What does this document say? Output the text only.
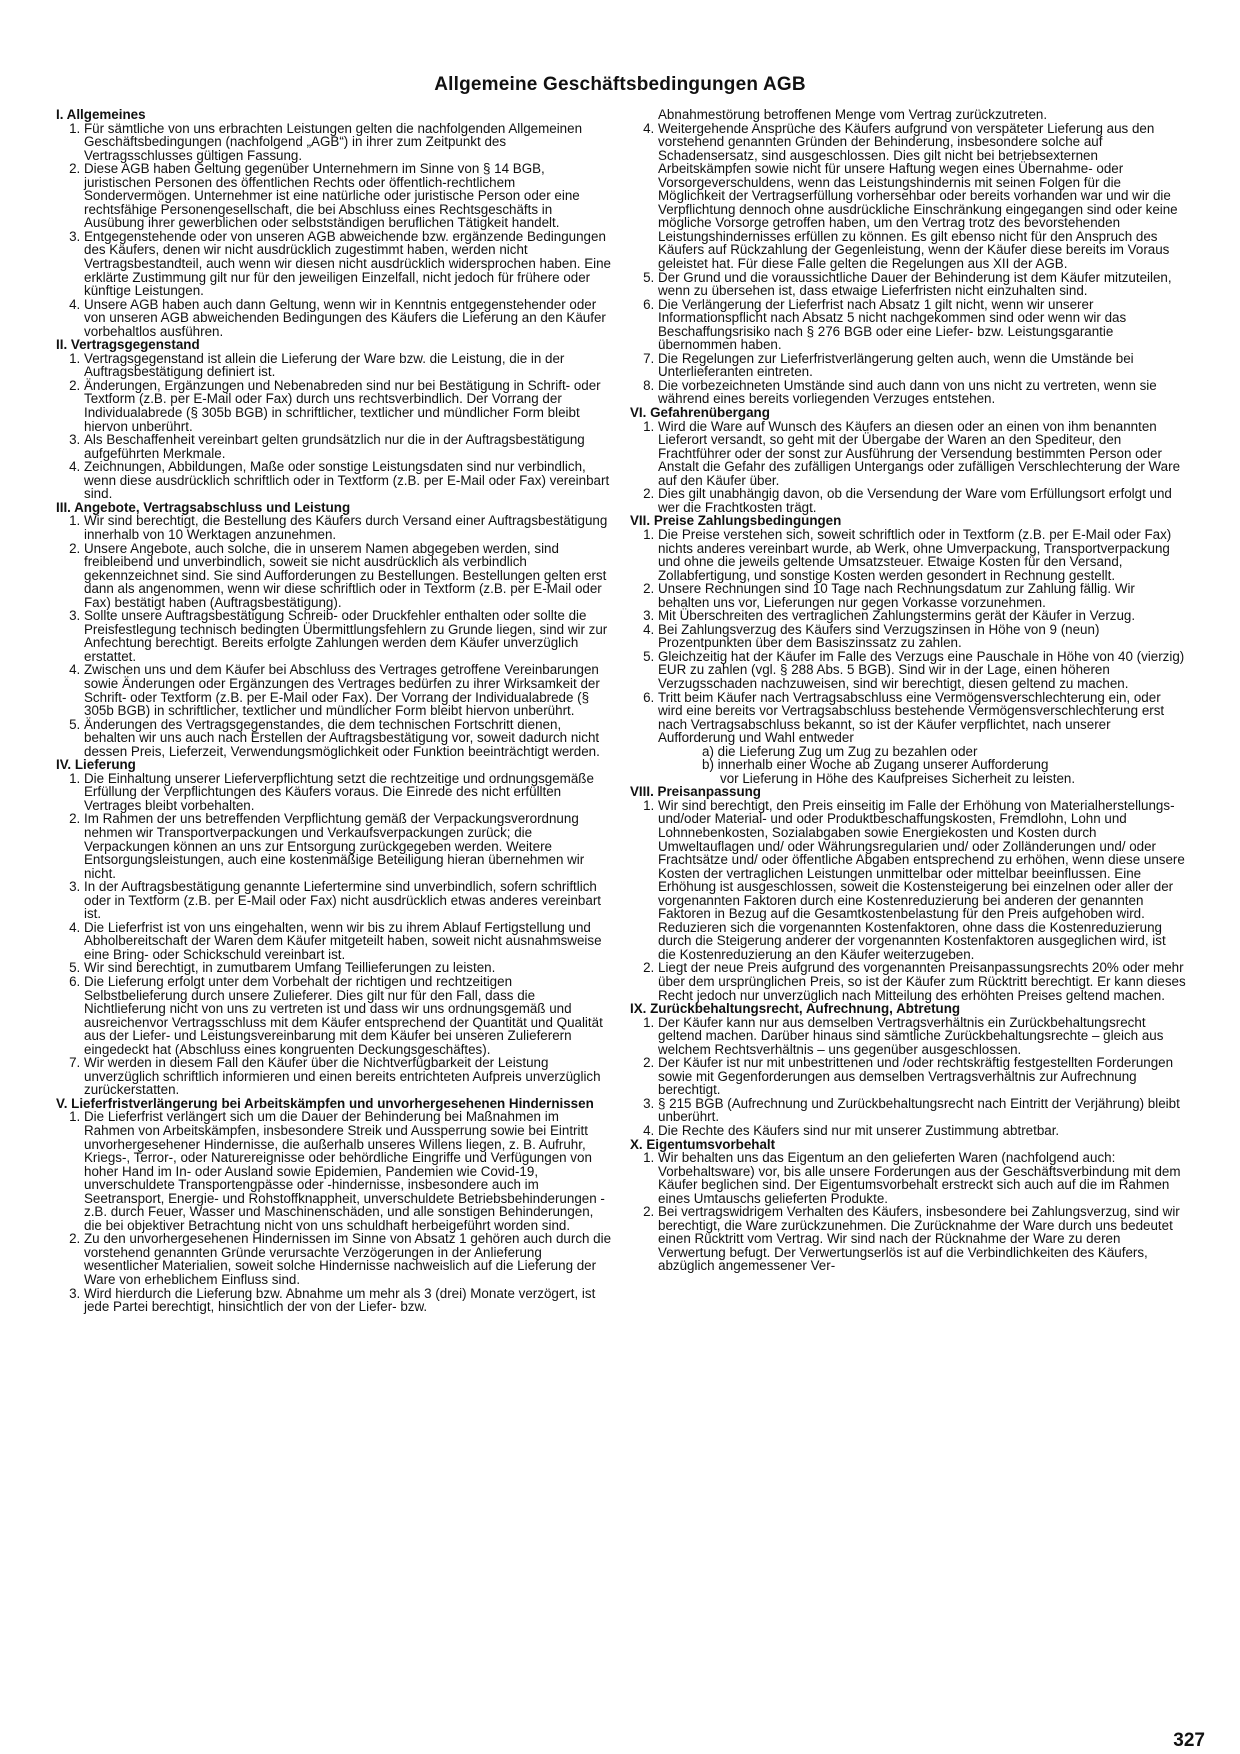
Allgemeine Geschäftsbedingungen AGB
I. Allgemeines
1. Für sämtliche von uns erbrachten Leistungen gelten die nachfolgenden Allgemeinen Geschäftsbedingungen (nachfolgend „AGB“) in ihrer zum Zeitpunkt des Vertragsschlusses gültigen Fassung.
2. Diese AGB haben Geltung gegenüber Unternehmern im Sinne von § 14 BGB, juristischen Personen des öffentlichen Rechts oder öffentlich-rechtlichem Sondervermögen. Unternehmer ist eine natürliche oder juristische Person oder eine rechtsfähige Personengesellschaft, die bei Abschluss eines Rechtsgeschäfts in Ausübung ihrer gewerblichen oder selbstständigen beruflichen Tätigkeit handelt.
3. Entgegenstehende oder von unseren AGB abweichende bzw. ergänzende Bedingungen des Käufers, denen wir nicht ausdrücklich zugestimmt haben, werden nicht Vertragsbestandteil, auch wenn wir diesen nicht ausdrücklich widersprochen haben. Eine erklärte Zustimmung gilt nur für den jeweiligen Einzelfall, nicht jedoch für frühere oder künftige Leistungen.
4. Unsere AGB haben auch dann Geltung, wenn wir in Kenntnis entgegenstehender oder von unseren AGB abweichenden Bedingungen des Käufers die Lieferung an den Käufer vorbehaltlos ausführen.
II. Vertragsgegenstand
1. Vertragsgegenstand ist allein die Lieferung der Ware bzw. die Leistung, die in der Auftragsbestätigung definiert ist.
2. Änderungen, Ergänzungen und Nebenabreden sind nur bei Bestätigung in Schrift- oder Textform (z.B. per E-Mail oder Fax) durch uns rechtsverbindlich. Der Vorrang der Individualabrede (§ 305b BGB) in schriftlicher, textlicher und mündlicher Form bleibt hiervon unberührt.
3. Als Beschaffenheit vereinbart gelten grundsätzlich nur die in der Auftragsbestätigung aufgeführten Merkmale.
4. Zeichnungen, Abbildungen, Maße oder sonstige Leistungsdaten sind nur verbindlich, wenn diese ausdrücklich schriftlich oder in Textform (z.B. per E-Mail oder Fax) vereinbart sind.
III. Angebote, Vertragsabschluss und Leistung
1. Wir sind berechtigt, die Bestellung des Käufers durch Versand einer Auftragsbestätigung innerhalb von 10 Werktagen anzunehmen.
2. Unsere Angebote, auch solche, die in unserem Namen abgegeben werden, sind freibleibend und unverbindlich, soweit sie nicht ausdrücklich als verbindlich gekennzeichnet sind. Sie sind Aufforderungen zu Bestellungen. Bestellungen gelten erst dann als angenommen, wenn wir diese schriftlich oder in Textform (z.B. per E-Mail oder Fax) bestätigt haben (Auftragsbestätigung).
3. Sollte unsere Auftragsbestätigung Schreib- oder Druckfehler enthalten oder sollte die Preisfestlegung technisch bedingten Übermittlungsfehlern zu Grunde liegen, sind wir zur Anfechtung berechtigt. Bereits erfolgte Zahlungen werden dem Käufer unverzüglich erstattet.
4. Zwischen uns und dem Käufer bei Abschluss des Vertrages getroffene Vereinbarungen sowie Änderungen oder Ergänzungen des Vertrages bedürfen zu ihrer Wirksamkeit der Schrift- oder Textform (z.B. per E-Mail oder Fax). Der Vorrang der Individualabrede (§ 305b BGB) in schriftlicher, textlicher und mündlicher Form bleibt hiervon unberührt.
5. Änderungen des Vertragsgegenstandes, die dem technischen Fortschritt dienen, behalten wir uns auch nach Erstellen der Auftragsbestätigung vor, soweit dadurch nicht dessen Preis, Lieferzeit, Verwendungsmöglichkeit oder Funktion beeinträchtigt werden.
IV. Lieferung
1. Die Einhaltung unserer Lieferverpflichtung setzt die rechtzeitige und ordnungsgemäße Erfüllung der Verpflichtungen des Käufers voraus. Die Einrede des nicht erfüllten Vertrages bleibt vorbehalten.
2. Im Rahmen der uns betreffenden Verpflichtung gemäß der Verpackungsverordnung nehmen wir Transportverpackungen und Verkaufsverpackungen zurück; die Verpackungen können an uns zur Entsorgung zurückgegeben werden. Weitere Entsorgungsleistungen, auch eine kostenmäßige Beteiligung hieran übernehmen wir nicht.
3. In der Auftragsbestätigung genannte Liefertermine sind unverbindlich, sofern schriftlich oder in Textform (z.B. per E-Mail oder Fax) nicht ausdrücklich etwas anderes vereinbart ist.
4. Die Lieferfrist ist von uns eingehalten, wenn wir bis zu ihrem Ablauf Fertigstellung und Abholbereitschaft der Waren dem Käufer mitgeteilt haben, soweit nicht ausnahmsweise eine Bring- oder Schickschuld vereinbart ist.
5. Wir sind berechtigt, in zumutbarem Umfang Teillieferungen zu leisten.
6. Die Lieferung erfolgt unter dem Vorbehalt der richtigen und rechtzeitigen Selbstbelieferung durch unsere Zulieferer. Dies gilt nur für den Fall, dass die Nichtlieferung nicht von uns zu vertreten ist und dass wir uns ordnungsgemäß und ausreichenvor Vertragsschluss mit dem Käufer entsprechend der Quantität und Qualität aus der Liefer- und Leistungsvereinbarung mit dem Käufer bei unseren Zulieferern eingedeckt hat (Abschluss eines kongruenten Deckungsgeschäftes).
7. Wir werden in diesem Fall den Käufer über die Nichtverfügbarkeit der Leistung unverzüglich schriftlich informieren und einen bereits entrichteten Aufpreis unverzüglich zurückerstatten.
V. Lieferfristverlängerung bei Arbeitskämpfen und unvorhergesehenen Hindernissen
1. Die Lieferfrist verlängert sich um die Dauer der Behinderung bei Maßnahmen im Rahmen von Arbeitskämpfen, insbesondere Streik und Aussperrung sowie bei Eintritt unvorhergesehener Hindernisse, die außerhalb unseres Willens liegen, z. B. Aufruhr, Kriegs-, Terror-, oder Naturereignisse oder behördliche Eingriffe und Verfügungen von hoher Hand im In- oder Ausland sowie Epidemien, Pandemien wie Covid-19, unverschuldete Transportengpässe oder -hindernisse, insbesondere auch im Seetransport, Energie- und Rohstoffknappheit, unverschuldete Betriebsbehinderungen - z.B. durch Feuer, Wasser und Maschinenschäden, und alle sonstigen Behinderungen, die bei objektiver Betrachtung nicht von uns schuldhaft herbeigeführt worden sind.
2. Zu den unvorhergesehenen Hindernissen im Sinne von Absatz 1 gehören auch durch die vorstehend genannten Gründe verursachte Verzögerungen in der Anlieferung wesentlicher Materialien, soweit solche Hindernisse nachweislich auf die Lieferung der Ware von erheblichem Einfluss sind.
3. Wird hierdurch die Lieferung bzw. Abnahme um mehr als 3 (drei) Monate verzögert, ist jede Partei berechtigt, hinsichtlich der von der Liefer- bzw.
Abnahmestörung betroffenen Menge vom Vertrag zurückzutreten.
4. Weitergehende Ansprüche des Käufers aufgrund von verspäteter Lieferung aus den vorstehend genannten Gründen der Behinderung, insbesondere solche auf Schadensersatz, sind ausgeschlossen. Dies gilt nicht bei betriebsexternen Arbeitskämpfen sowie nicht für unsere Haftung wegen eines Übernahme- oder Vorsorgeverschuldens, wenn das Leistungshindernis mit seinen Folgen für die Möglichkeit der Vertragserfüllung vorhersehbar oder bereits vorhanden war und wir die Verpflichtung dennoch ohne ausdrückliche Einschränkung eingegangen sind oder keine mögliche Vorsorge getroffen haben, um den Vertrag trotz des bevorstehenden Leistungshindernisses erfüllen zu können. Es gilt ebenso nicht für den Anspruch des Käufers auf Rückzahlung der Gegenleistung, wenn der Käufer diese bereits im Voraus geleistet hat. Für diese Falle gelten die Regelungen aus XII der AGB.
5. Der Grund und die voraussichtliche Dauer der Behinderung ist dem Käufer mitzuteilen, wenn zu übersehen ist, dass etwaige Lieferfristen nicht einzuhalten sind.
6. Die Verlängerung der Lieferfrist nach Absatz 1 gilt nicht, wenn wir unserer Informationspflicht nach Absatz 5 nicht nachgekommen sind oder wenn wir das Beschaffungsrisiko nach § 276 BGB oder eine Liefer- bzw. Leistungsgarantie übernommen haben.
7. Die Regelungen zur Lieferfristverlängerung gelten auch, wenn die Umstände bei Unterlieferanten eintreten.
8. Die vorbezeichneten Umstände sind auch dann von uns nicht zu vertreten, wenn sie während eines bereits vorliegenden Verzuges entstehen.
VI. Gefahrenübergang
1. Wird die Ware auf Wunsch des Käufers an diesen oder an einen von ihm benannten Lieferort versandt, so geht mit der Übergabe der Waren an den Spediteur, den Frachtführer oder der sonst zur Ausführung der Versendung bestimmten Person oder Anstalt die Gefahr des zufälligen Untergangs oder zufälligen Verschlechterung der Ware auf den Käufer über.
2. Dies gilt unabhängig davon, ob die Versendung der Ware vom Erfüllungsort erfolgt und wer die Frachtkosten trägt.
VII. Preise Zahlungsbedingungen
1. Die Preise verstehen sich, soweit schriftlich oder in Textform (z.B. per E-Mail oder Fax) nichts anderes vereinbart wurde, ab Werk, ohne Umverpackung, Transportverpackung und ohne die jeweils geltende Umsatzsteuer. Etwaige Kosten für den Versand, Zollabfertigung, und sonstige Kosten werden gesondert in Rechnung gestellt.
2. Unsere Rechnungen sind 10 Tage nach Rechnungsdatum zur Zahlung fällig. Wir behalten uns vor, Lieferungen nur gegen Vorkasse vorzunehmen.
3. Mit Überschreiten des vertraglichen Zahlungstermins gerät der Käufer in Verzug.
4. Bei Zahlungsverzug des Käufers sind Verzugszinsen in Höhe von 9 (neun) Prozentpunkten über dem Basiszinssatz zu zahlen.
5. Gleichzeitig hat der Käufer im Falle des Verzugs eine Pauschale in Höhe von 40 (vierzig) EUR zu zahlen (vgl. § 288 Abs. 5 BGB). Sind wir in der Lage, einen höheren Verzugsschaden nachzuweisen, sind wir berechtigt, diesen geltend zu machen.
6. Tritt beim Käufer nach Vertragsabschluss eine Vermögensverschlechterung ein, oder wird eine bereits vor Vertragsabschluss bestehende Vermögensverschlechterung erst nach Vertragsabschluss bekannt, so ist der Käufer verpflichtet, nach unserer Aufforderung und Wahl entweder
a) die Lieferung Zug um Zug zu bezahlen oder
b) innerhalb einer Woche ab Zugang unserer Aufforderung
vor Lieferung in Höhe des Kaufpreises Sicherheit zu leisten.
VIII. Preisanpassung
1. Wir sind berechtigt, den Preis einseitig im Falle der Erhöhung von Materialherstellungs- und/oder Material- und oder Produktbeschaffungskosten, Fremdlohn, Lohn und Lohnnebenkosten, Sozialabgaben sowie Energiekosten und Kosten durch Umweltauflagen und/ oder Währungsregularien und/ oder Zolländerungen und/ oder Frachtsätze und/ oder öffentliche Abgaben entsprechend zu erhöhen, wenn diese unsere Kosten der vertraglichen Leistungen unmittelbar oder mittelbar beeinflussen. Eine Erhöhung ist ausgeschlossen, soweit die Kostensteigerung bei einzelnen oder aller der vorgenannten Faktoren durch eine Kostenreduzierung bei anderen der genannten Faktoren in Bezug auf die Gesamtkostenbelastung für den Preis aufgehoben wird. Reduzieren sich die vorgenannten Kostenfaktoren, ohne dass die Kostenreduzierung durch die Steigerung anderer der vorgenannten Kostenfaktoren ausgeglichen wird, ist die Kostenreduzierung an den Käufer weiterzugeben.
2. Liegt der neue Preis aufgrund des vorgenannten Preisanpassungsrechts 20% oder mehr über dem ursprünglichen Preis, so ist der Käufer zum Rücktritt berechtigt. Er kann dieses Recht jedoch nur unverzüglich nach Mitteilung des erhöhten Preises geltend machen.
IX. Zurückbehaltungsrecht, Aufrechnung, Abtretung
1. Der Käufer kann nur aus demselben Vertragsverhältnis ein Zurückbehaltungsrecht geltend machen. Darüber hinaus sind sämtliche Zurückbehaltungsrechte – gleich aus welchem Rechtsverhältnis – uns gegenüber ausgeschlossen.
2. Der Käufer ist nur mit unbestrittenen und /oder rechtskräftig festgestellten Forderungen sowie mit Gegenforderungen aus demselben Vertragsverhältnis zur Aufrechnung berechtigt.
3. § 215 BGB (Aufrechnung und Zurückbehaltungsrecht nach Eintritt der Verjährung) bleibt unberührt.
4. Die Rechte des Käufers sind nur mit unserer Zustimmung abtretbar.
X. Eigentumsvorbehalt
1. Wir behalten uns das Eigentum an den gelieferten Waren (nachfolgend auch: Vorbehaltsware) vor, bis alle unsere Forderungen aus der Geschäftsverbindung mit dem Käufer beglichen sind. Der Eigentumsvorbehalt erstreckt sich auch auf die im Rahmen eines Umtauschs gelieferten Produkte.
2. Bei vertragswidrigem Verhalten des Käufers, insbesondere bei Zahlungsverzug, sind wir berechtigt, die Ware zurückzunehmen. Die Zurücknahme der Ware durch uns bedeutet einen Rücktritt vom Vertrag. Wir sind nach der Rücknahme der Ware zu deren Verwertung befugt. Der Verwertungserlös ist auf die Verbindlichkeiten des Käufers, abzüglich angemessener Ver-
327
